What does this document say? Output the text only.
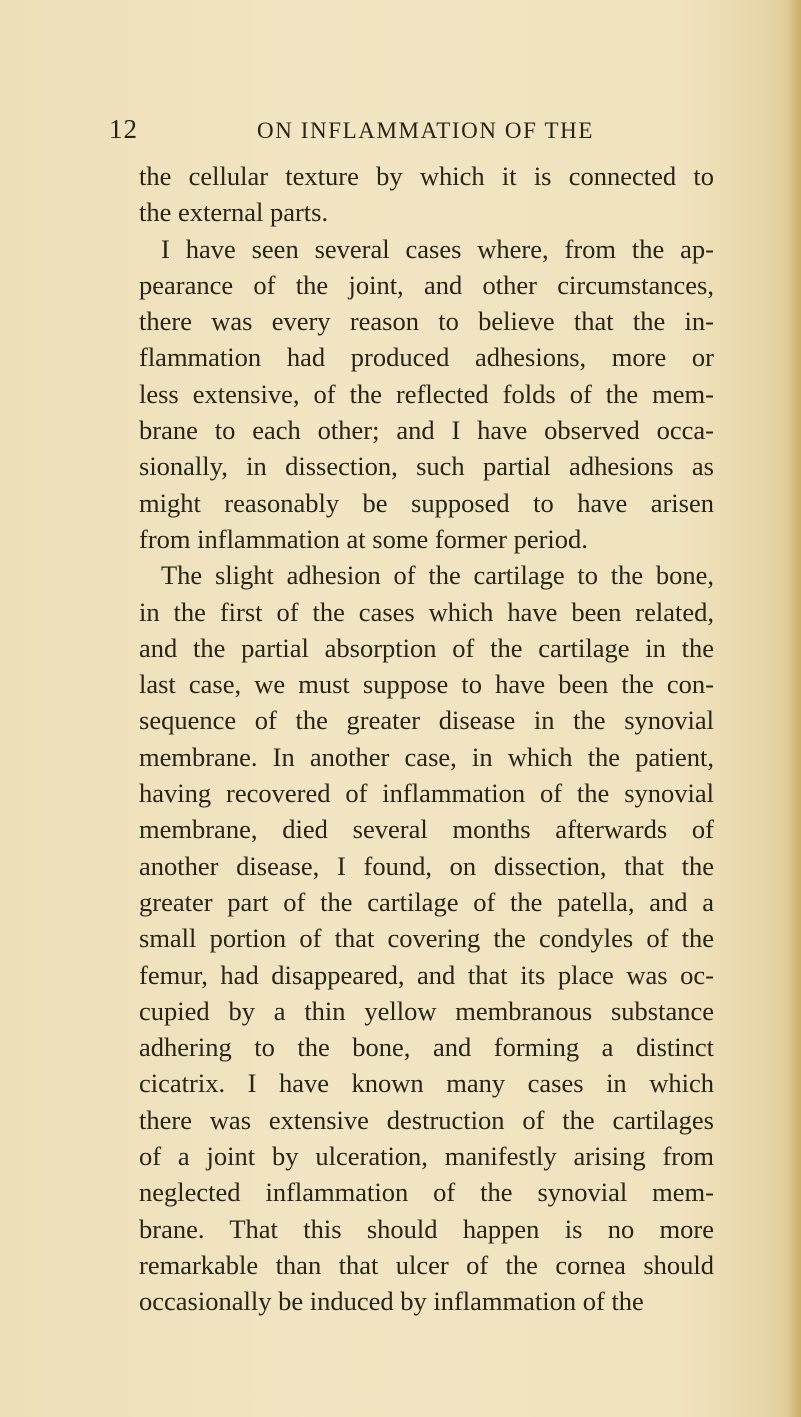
12	ON INFLAMMATION OF THE
the cellular texture by which it is connected to
the external parts.
I have seen several cases where, from the ap-
pearance of the joint, and other circumstances,
there was every reason to believe that the in-
flammation had produced adhesions, more or
less extensive, of the reflected folds of the mem-
brane to each other; and I have observed occa-
sionally, in dissection, such partial adhesions as
might reasonably be supposed to have arisen
from inflammation at some former period.
The slight adhesion of the cartilage to the bone,
in the first of the cases which have been related,
and the partial absorption of the cartilage in the
last case, we must suppose to have been the con-
sequence of the greater disease in the synovial
membrane. In another case, in which the patient,
having recovered of inflammation of the synovial
membrane, died several months afterwards of
another disease, I found, on dissection, that the
greater part of the cartilage of the patella, and a
small portion of that covering the condyles of the
femur, had disappeared, and that its place was oc-
cupied by a thin yellow membranous substance
adhering to the bone, and forming a distinct
cicatrix. I have known many cases in which
there was extensive destruction of the cartilages
of a joint by ulceration, manifestly arising from
neglected inflammation of the synovial mem-
brane. That this should happen is no more
remarkable than that ulcer of the cornea should
occasionally be induced by inflammation of the
